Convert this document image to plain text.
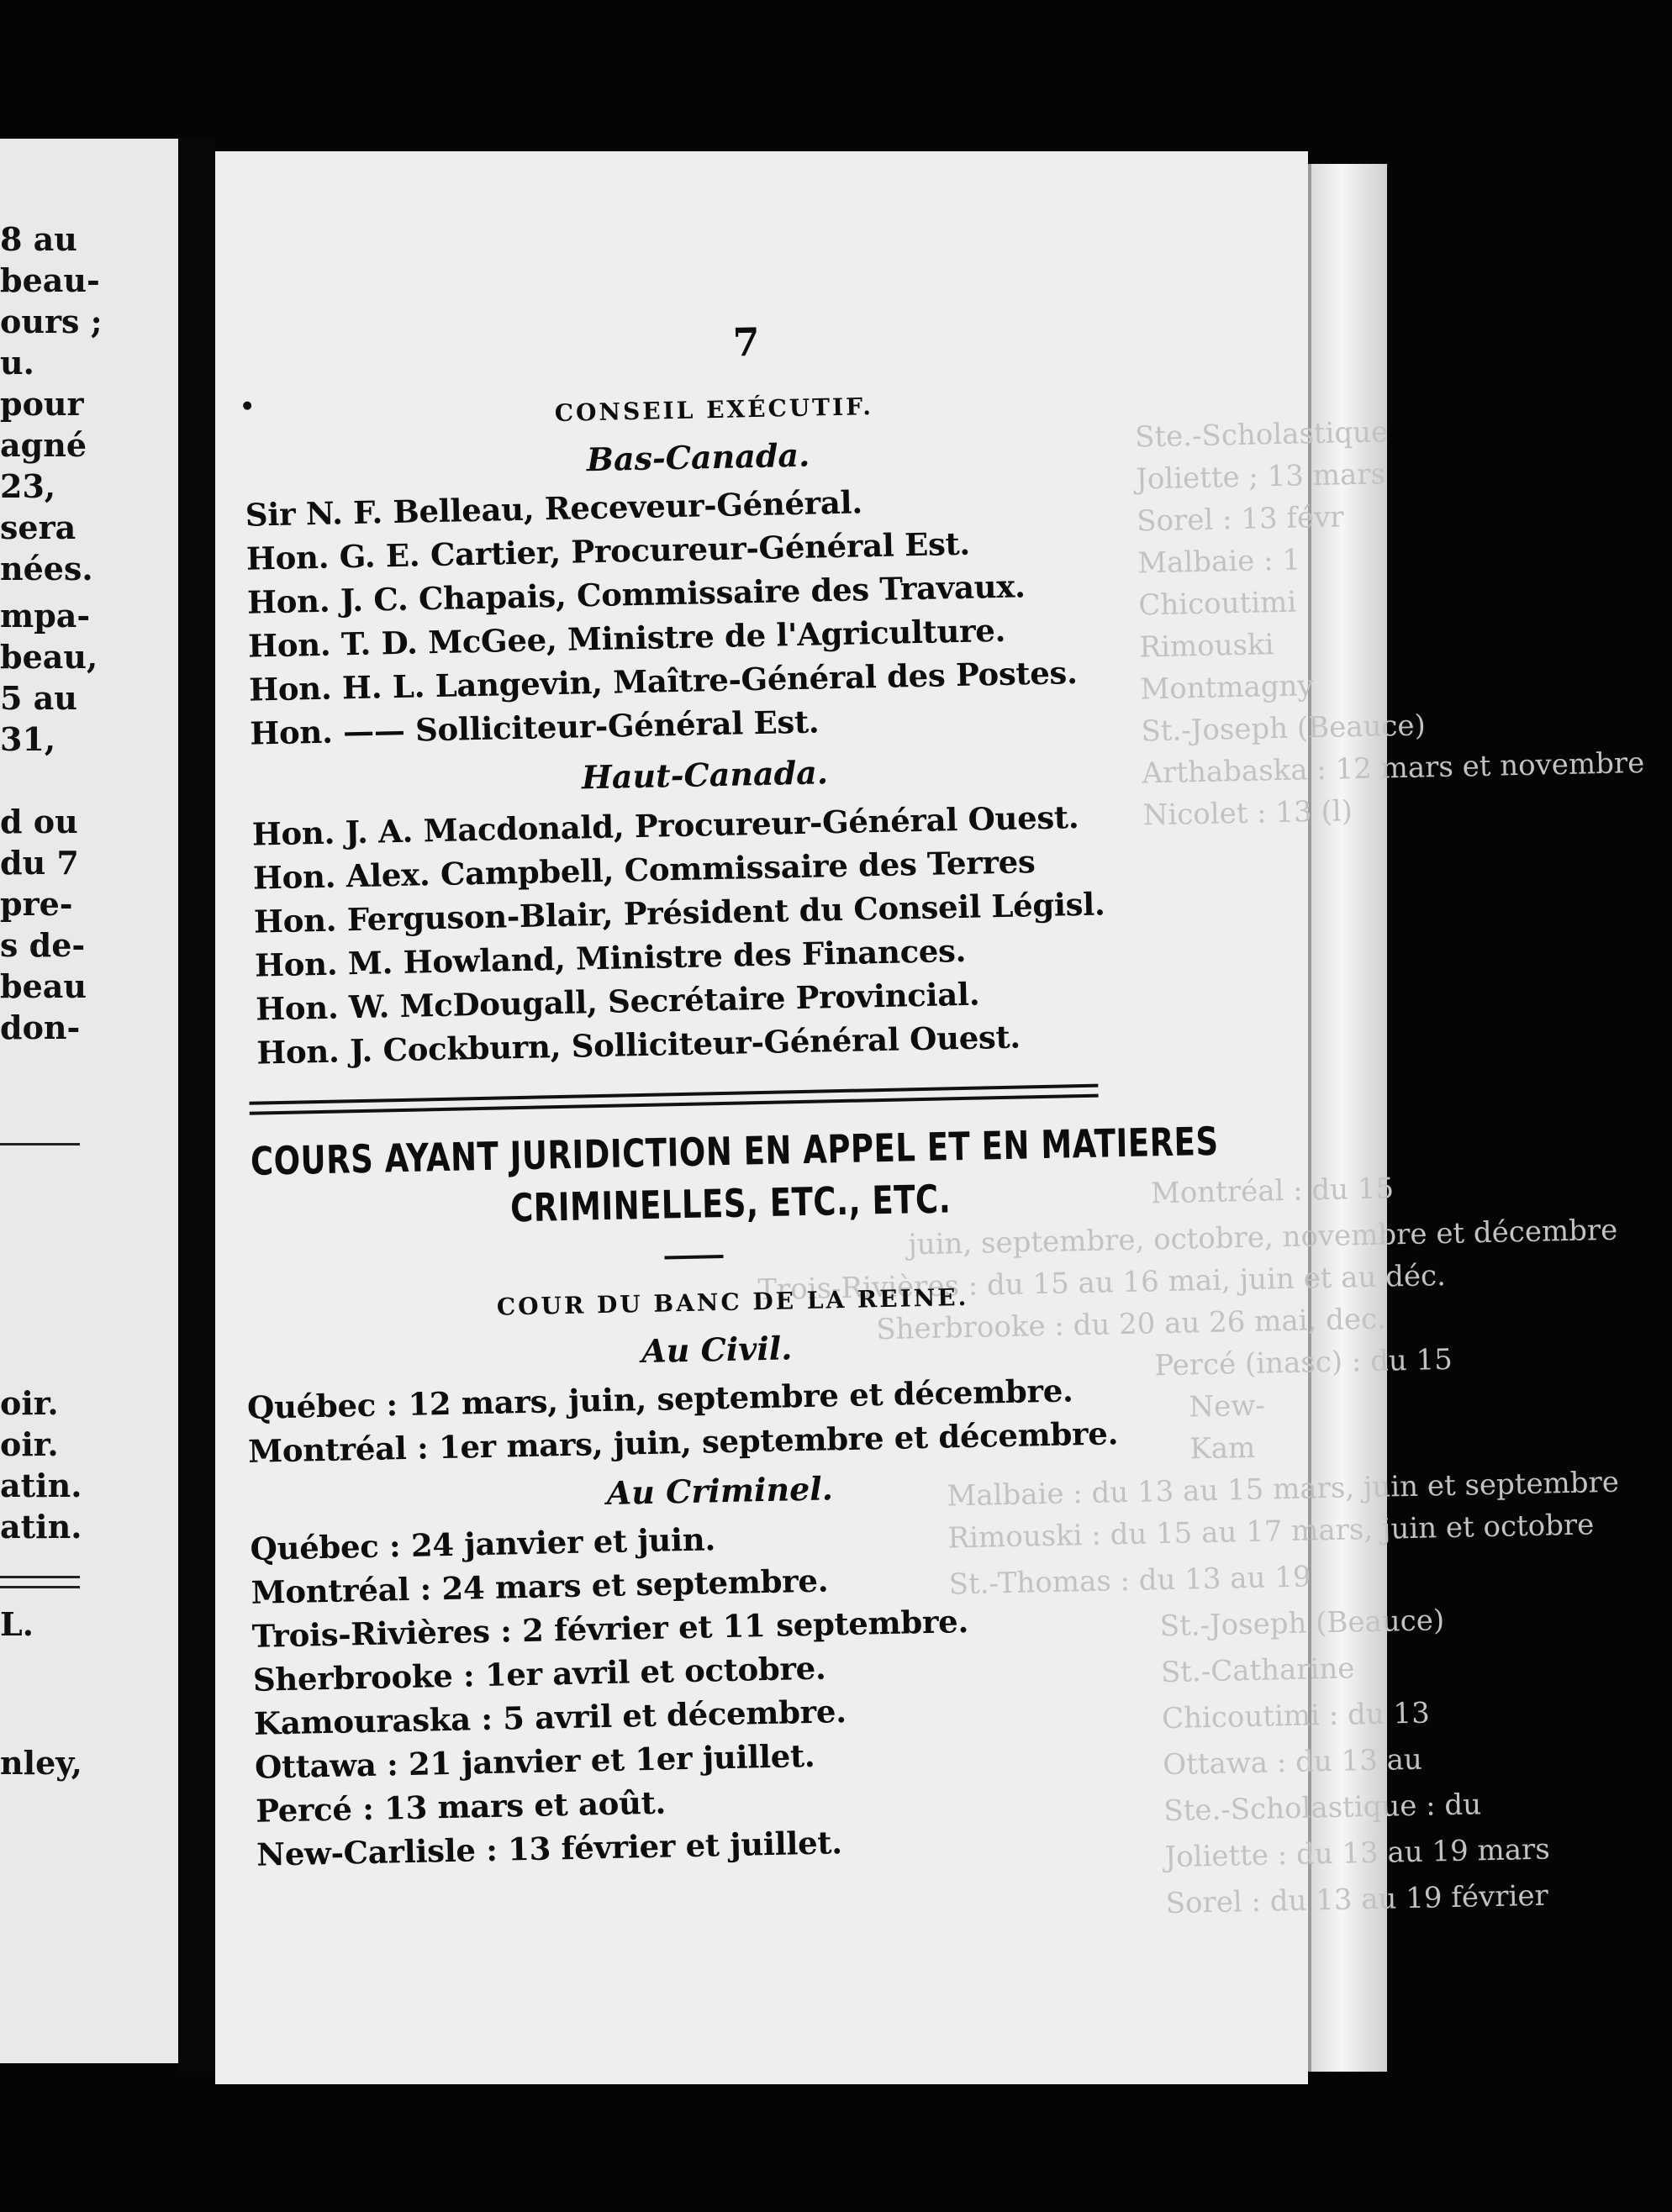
8 au
beau-
ours ;
u.
pour
agné
23,
sera
nées.
mpa-
beau,
5 au
31,
d ou
du 7
pre-
s de-
beau
don-
oir.
oir.
atin.
atin.
L.
nley,
Ste.-Scholastique
Joliette ; 13 mars
Sorel : 13 févr
Malbaie : 1
Chicoutimi
Rimouski
Montmagny
St.-Joseph (Beauce)
Arthabaska : 12 mars et novembre
Nicolet : 13 (l)
Montréal : du 15
juin, septembre, octobre, novembre et décembre
Trois-Rivières : du 15 au 16 mai, juin et au déc.
Sherbrooke : du 20 au 26 mai, dec.
Percé (inasc) : du 15
New-
Kam
Malbaie : du 13 au 15 mars, juin et septembre
Rimouski : du 15 au 17 mars, juin et octobre
St.-Thomas : du 13 au 19
St.-Joseph (Beauce)
St.-Catharine
Chicoutimi : du 13
Ottawa : du 13 au
Ste.-Scholastique : du
Joliette : du 13 au 19 mars
Sorel : du 13 au 19 février
7
CONSEIL EXÉCUTIF.
Bas-Canada.
Sir N. F. Belleau, Receveur-Général.
Hon. G. E. Cartier, Procureur-Général Est.
Hon. J. C. Chapais, Commissaire des Travaux.
Hon. T. D. McGee, Ministre de l'Agriculture.
Hon. H. L. Langevin, Maître-Général des Postes.
Hon. —— Solliciteur-Général Est.
Haut-Canada.
Hon. J. A. Macdonald, Procureur-Général Ouest.
Hon. Alex. Campbell, Commissaire des Terres
Hon. Ferguson-Blair, Président du Conseil Législ.
Hon. M. Howland, Ministre des Finances.
Hon. W. McDougall, Secrétaire Provincial.
Hon. J. Cockburn, Solliciteur-Général Ouest.
COURS AYANT JURIDICTION EN APPEL ET EN MATIERES
CRIMINELLES, ETC., ETC.
COUR DU BANC DE LA REINE.
Au Civil.
Québec : 12 mars, juin, septembre et décembre.
Montréal : 1er mars, juin, septembre et décembre.
Au Criminel.
Québec : 24 janvier et juin.
Montréal : 24 mars et septembre.
Trois-Rivières : 2 février et 11 septembre.
Sherbrooke : 1er avril et octobre.
Kamouraska : 5 avril et décembre.
Ottawa : 21 janvier et 1er juillet.
Percé : 13 mars et août.
New-Carlisle : 13 février et juillet.
